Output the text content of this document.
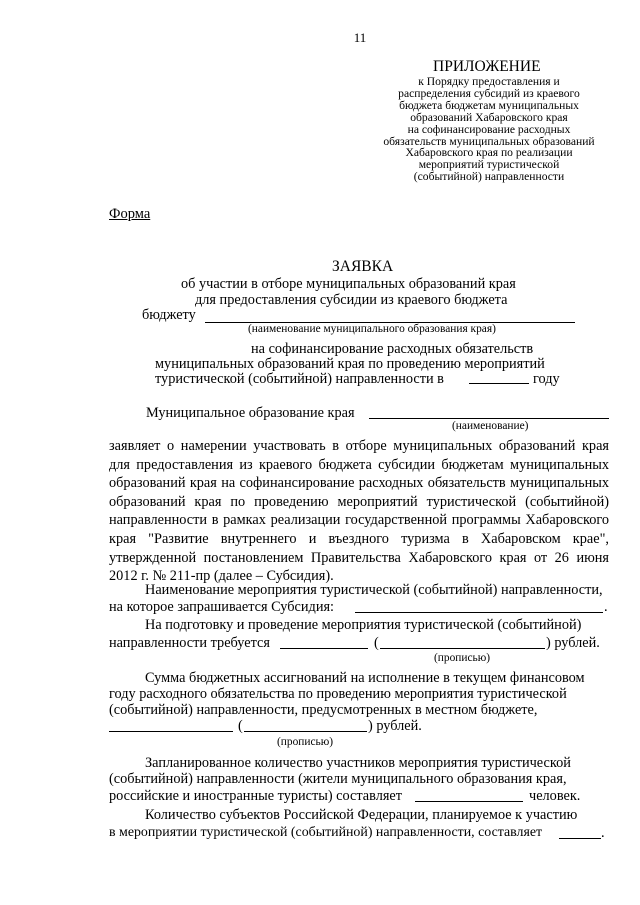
11
ПРИЛОЖЕНИЕ
к Порядку предоставления и
распределения субсидий из краевого
бюджета бюджетам муниципальных
образований Хабаровского края
на софинансирование расходных
обязательств муниципальных образований
Хабаровского края по реализации
мероприятий туристической
(событийной) направленности
Форма
ЗАЯВКА
об участии в отборе муниципальных образований края
для предоставления субсидии из краевого бюджета
бюджету
(наименование муниципального образования края)
на софинансирование расходных обязательств
муниципальных образований края по проведению мероприятий
туристической (событийной) направленности в	году
Муниципальное образование края
(наименование)
заявляет о намерении участвовать в отборе муниципальных образований края для предоставления из краевого бюджета субсидии бюджетам муниципальных образований края на софинансирование расходных обязательств муниципальных образований края по проведению мероприятий туристической (событийной) направленности в рамках реализации государственной программы Хабаровского края "Развитие внутреннего и въездного туризма в Хабаровском крае", утвержденной постановлением Правительства Хабаровского края от 26 июня 2012 г. № 211-пр (далее – Субсидия).
Наименование мероприятия туристической (событийной) направленности,
на которое запрашивается Субсидия:	.
На подготовку и проведение мероприятия туристической (событийной)
направленности требуется	(	) рублей.
(прописью)
Сумма бюджетных ассигнований на исполнение в текущем финансовом
году расходного обязательства по проведению мероприятия туристической
(событийной) направленности, предусмотренных в местном бюджете,
(	) рублей.
(прописью)
Запланированное количество участников мероприятия туристической
(событийной) направленности (жители муниципального образования края,
российские и иностранные туристы) составляет	человек.
Количество субъектов Российской Федерации, планируемое к участию
в мероприятии туристической (событийной) направленности, составляет	.
